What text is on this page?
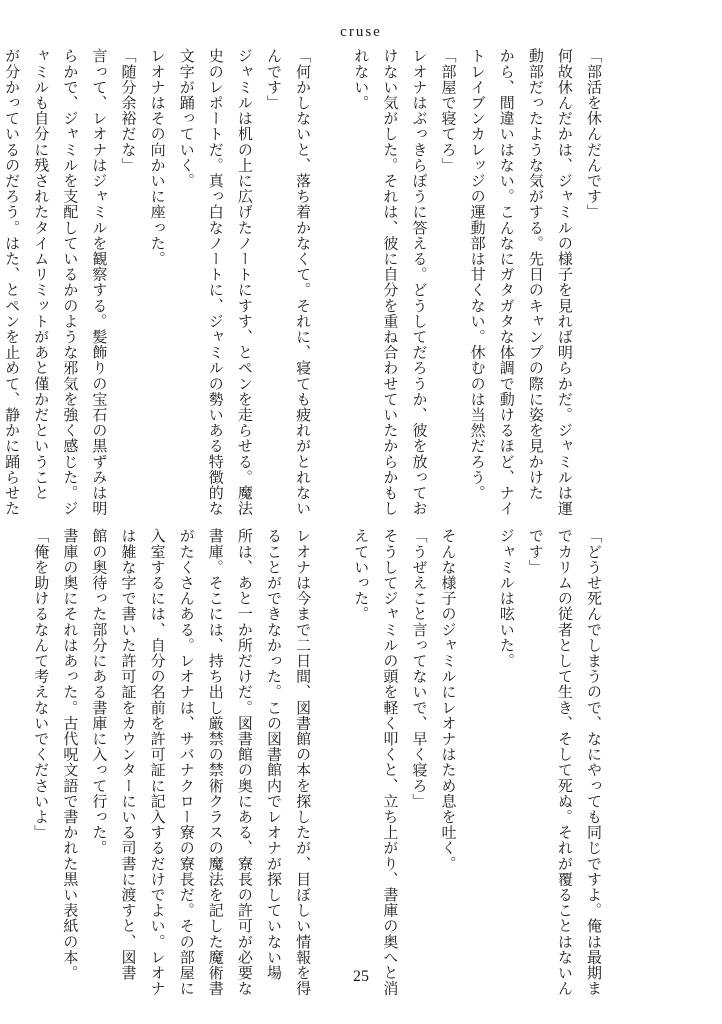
cruse
「部活を休んだんです」
何故休んだかは、ジャミルの様子を見れば明らかだ。ジャミルは運
動部だったような気がする。先日のキャンプの際に姿を見かけた
から、間違いはない。こんなにガタガタな体調で動けるほど、ナイ
トレイブンカレッジの運動部は甘くない。休むのは当然だろう。
「部屋で寝てろ」
レオナはぶっきらぼうに答える。どうしてだろうか、彼を放ってお
けない気がした。それは、彼に自分を重ね合わせていたからかもし
れない。

「何かしないと、落ち着かなくて。それに、寝ても疲れがとれない
んです」
ジャミルは机の上に広げたノートにすす、とペンを走らせる。魔法
史のレポートだ。真っ白なノートに、ジャミルの勢いある特徴的な
文字が踊っていく。
レオナはその向かいに座った。
「随分余裕だな」
言って、レオナはジャミルを観察する。髪飾りの宝石の黒ずみは明
らかで、ジャミルを支配しているかのような邪気を強く感じた。ジ
ャミルも自分に残されたタイムリミットがあと僅かだということ
が分かっているのだろう。はた、とペンを止めて、静かに踊らせた
「どうせ死んでしまうので、なにやっても同じですよ。俺は最期ま
でカリムの従者として生き、そして死ぬ。それが覆ることはないん
です」
ジャミルは呟いた。

そんな様子のジャミルにレオナはため息を吐く。
「うぜえこと言ってないで、早く寝ろ」
そうしてジャミルの頭を軽く叩くと、立ち上がり、書庫の奥へと消
えていった。

レオナは今まで二日間、図書館の本を探したが、目ぼしい情報を得
ることができなかった。この図書館内でレオナが探していない場
所は、あと一か所だけだ。図書館の奥にある、寮長の許可が必要な
書庫。そこには、持ち出し厳禁の禁術クラスの魔法を記した魔術書
がたくさんある。レオナは、サバナクロー寮の寮長だ。その部屋に
入室するには、自分の名前を許可証に記入するだけでよい。レオナ
は雑な字で書いた許可証をカウンターにいる司書に渡すと、図書
館の奥待った部分にある書庫に入って行った。
書庫の奥にそれはあった。古代呪文語で書かれた黒い表紙の本。
「俺を助けるなんて考えないでくださいよ」
25
